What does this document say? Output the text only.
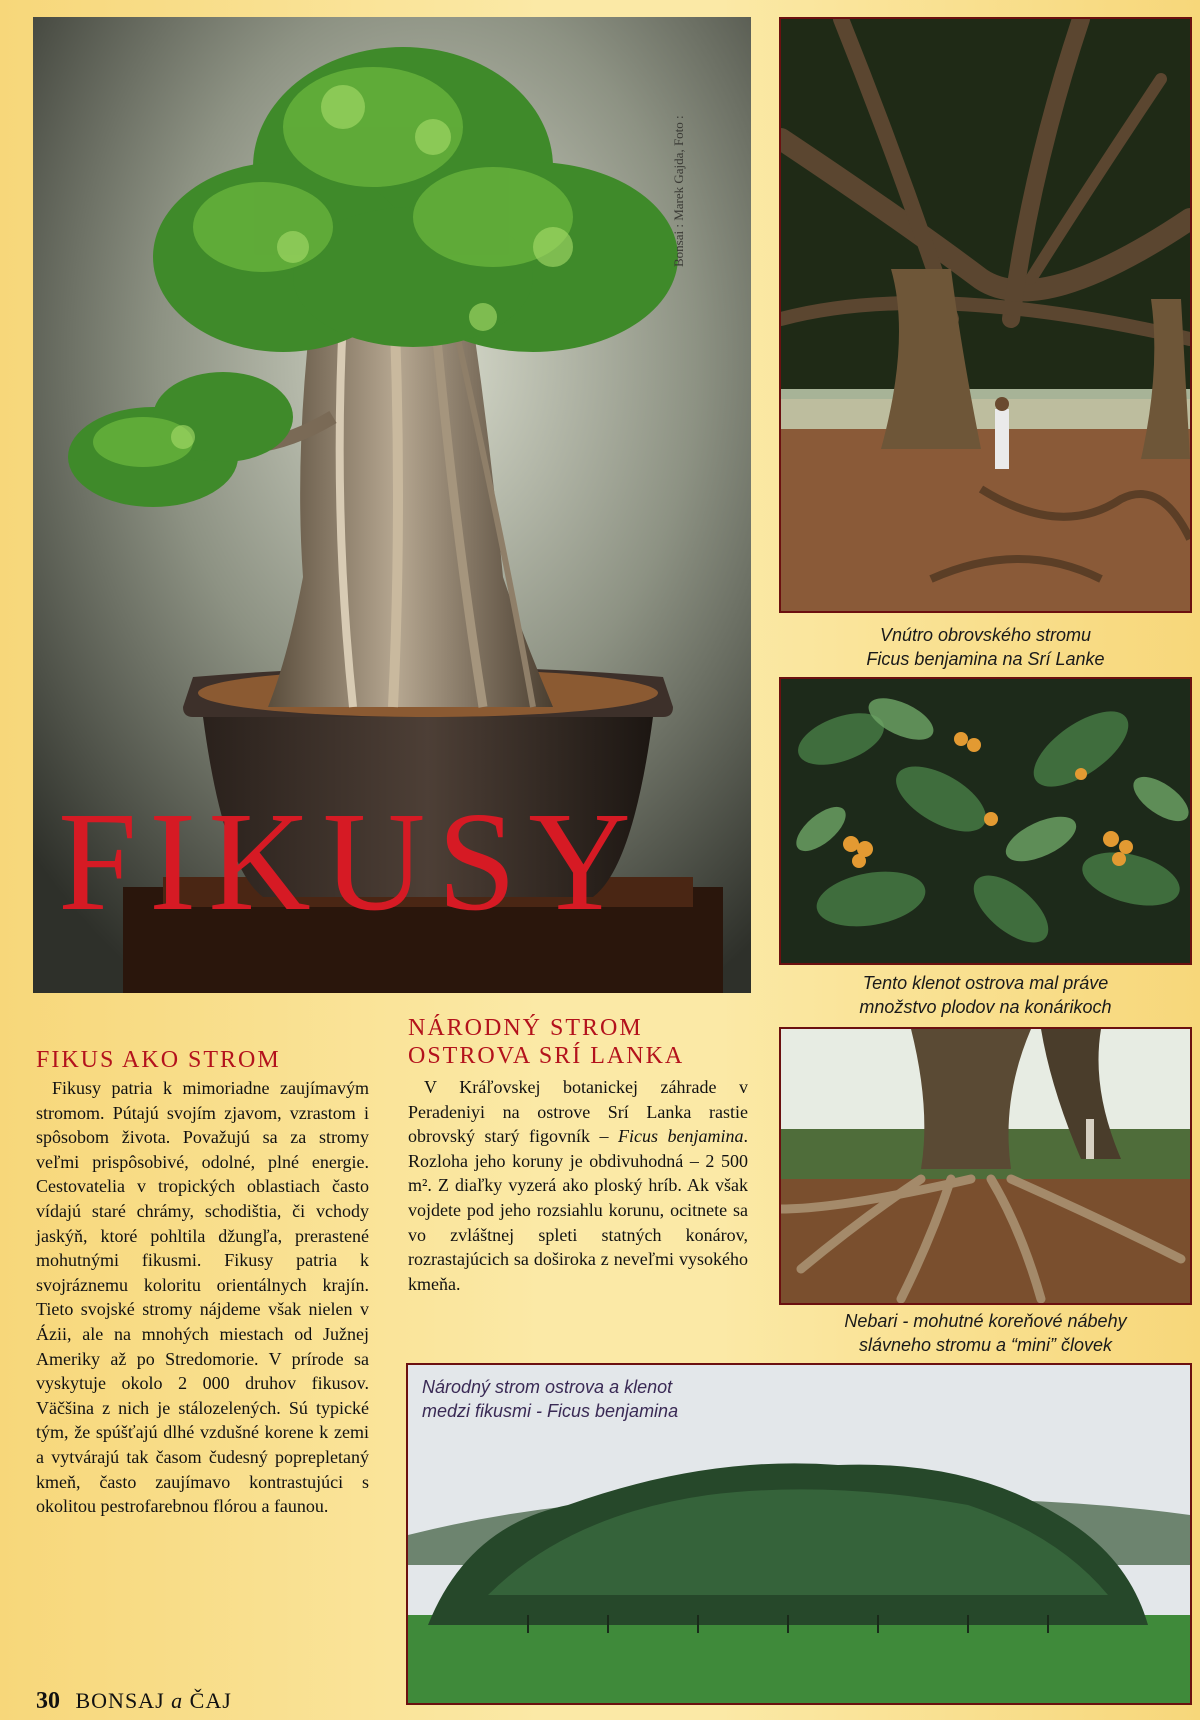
Bonsai : Marek Gajda, Foto :
FIKUSY
Vnútro obrovského stromu
Ficus benjamina na Srí Lanke
Tento klenot ostrova mal práve
množstvo plodov na konárikoch
Nebari - mohutné koreňové nábehy
slávneho stromu a “mini” človek
Národný strom ostrova a klenot
medzi fikusmi - Ficus benjamina
FIKUS AKO STROM

Fikusy patria k mimoriadne zaujímavým stromom. Pútajú svojím zjavom, vzrastom i spôsobom života. Považujú sa za stromy veľmi prispôsobivé, odolné, plné energie. Cestovatelia v tropických oblastiach často vídajú staré chrámy, schodištia, či vchody jaskýň, ktoré pohltila džungľa, prerastené mohutnými fikusmi. Fikusy patria k svojráznemu koloritu orientálnych krajín. Tieto svojské stromy nájdeme však nielen v Ázii, ale na mnohých miestach od Južnej Ameriky až po Stredomorie. V prírode sa vyskytuje okolo 2 000 druhov fikusov. Väčšina z nich je stálozelených. Sú typické tým, že spúšťajú dlhé vzdušné korene k zemi a vytvárajú tak časom čudesný poprepletaný kmeň, často zaujímavo kontrastujúci s okolitou pestrofarebnou flórou a faunou.

NÁRODNÝ STROM
OSTROVA SRÍ LANKA

V Kráľovskej botanickej záhrade v Peradeniyi na ostrove Srí Lanka rastie obrovský starý figovník – Ficus benjamina. Rozloha jeho koruny je obdivuhodná – 2 500 m². Z diaľky vyzerá ako ploský hríb. Ak však vojdete pod jeho rozsiahlu korunu, ocitnete sa vo zvláštnej spleti statných konárov, rozrastajúcich sa doširoka z neveľmi vysokého kmeňa.

30 BONSAJ a ČAJ
